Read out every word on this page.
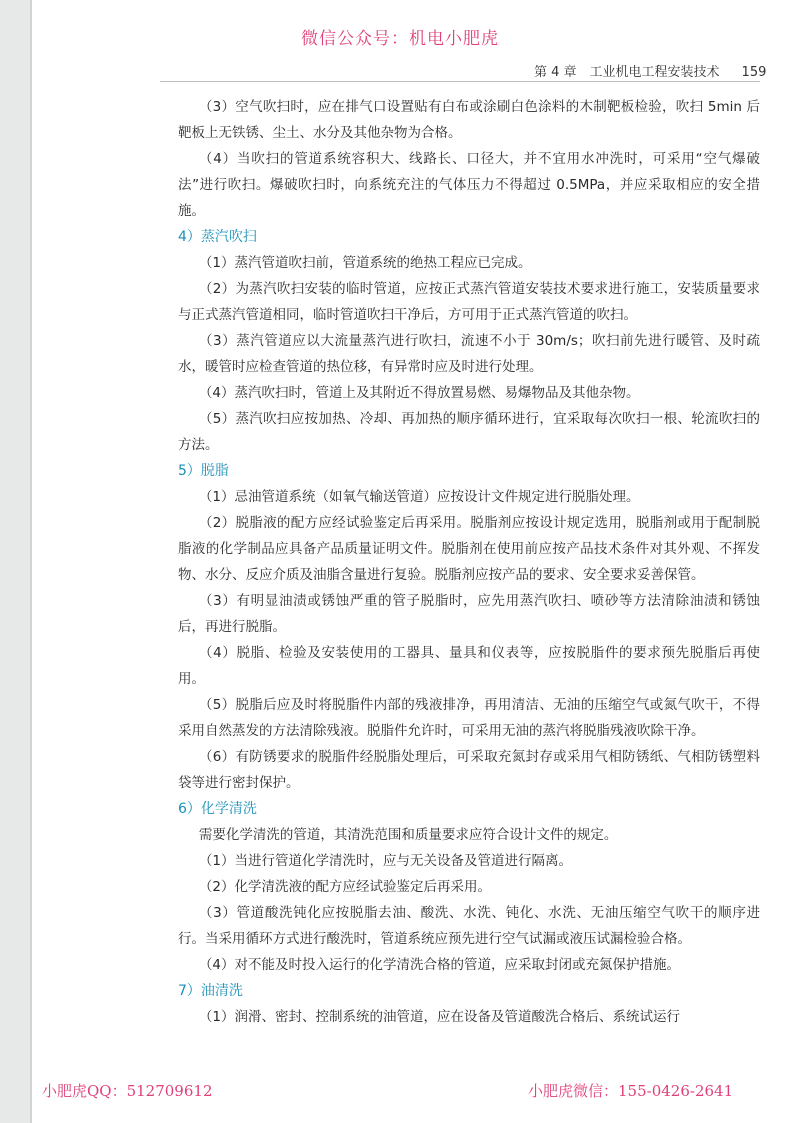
微信公众号：机电小肥虎
第 4 章　工业机电工程安装技术 159

（3）空气吹扫时，应在排气口设置贴有白布或涂刷白色涂料的木制靶板检验，吹扫 5min 后靶板上无铁锈、尘土、水分及其他杂物为合格。

（4）当吹扫的管道系统容积大、线路长、口径大，并不宜用水冲洗时，可采用“空气爆破法”进行吹扫。爆破吹扫时，向系统充注的气体压力不得超过 0.5MPa，并应采取相应的安全措施。

4）蒸汽吹扫

（1）蒸汽管道吹扫前，管道系统的绝热工程应已完成。

（2）为蒸汽吹扫安装的临时管道，应按正式蒸汽管道安装技术要求进行施工，安装质量要求与正式蒸汽管道相同，临时管道吹扫干净后，方可用于正式蒸汽管道的吹扫。

（3）蒸汽管道应以大流量蒸汽进行吹扫，流速不小于 30m/s；吹扫前先进行暖管、及时疏水，暖管时应检查管道的热位移，有异常时应及时进行处理。

（4）蒸汽吹扫时，管道上及其附近不得放置易燃、易爆物品及其他杂物。

（5）蒸汽吹扫应按加热、冷却、再加热的顺序循环进行，宜采取每次吹扫一根、轮流吹扫的方法。

5）脱脂

（1）忌油管道系统（如氧气输送管道）应按设计文件规定进行脱脂处理。

（2）脱脂液的配方应经试验鉴定后再采用。脱脂剂应按设计规定选用，脱脂剂或用于配制脱脂液的化学制品应具备产品质量证明文件。脱脂剂在使用前应按产品技术条件对其外观、不挥发物、水分、反应介质及油脂含量进行复验。脱脂剂应按产品的要求、安全要求妥善保管。

（3）有明显油渍或锈蚀严重的管子脱脂时，应先用蒸汽吹扫、喷砂等方法清除油渍和锈蚀后，再进行脱脂。

（4）脱脂、检验及安装使用的工器具、量具和仪表等，应按脱脂件的要求预先脱脂后再使用。

（5）脱脂后应及时将脱脂件内部的残液排净，再用清洁、无油的压缩空气或氮气吹干，不得采用自然蒸发的方法清除残液。脱脂件允许时，可采用无油的蒸汽将脱脂残液吹除干净。

（6）有防锈要求的脱脂件经脱脂处理后，可采取充氮封存或采用气相防锈纸、气相防锈塑料袋等进行密封保护。

6）化学清洗

需要化学清洗的管道，其清洗范围和质量要求应符合设计文件的规定。

（1）当进行管道化学清洗时，应与无关设备及管道进行隔离。

（2）化学清洗液的配方应经试验鉴定后再采用。

（3）管道酸洗钝化应按脱脂去油、酸洗、水洗、钝化、水洗、无油压缩空气吹干的顺序进行。当采用循环方式进行酸洗时，管道系统应预先进行空气试漏或液压试漏检验合格。

（4）对不能及时投入运行的化学清洗合格的管道，应采取封闭或充氮保护措施。

7）油清洗

（1）润滑、密封、控制系统的油管道，应在设备及管道酸洗合格后、系统试运行

小肥虎QQ：512709612	小肥虎微信：155-0426-2641
